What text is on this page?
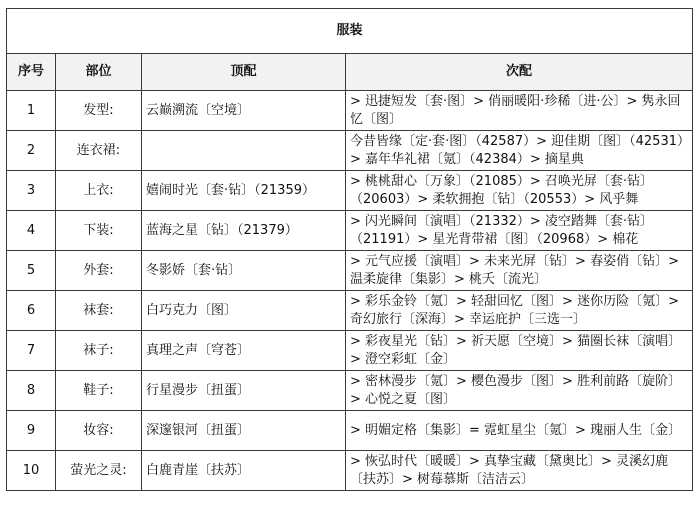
服装			
序号	部位	顶配	次配
1	发型:	云巅溯流〔空境〕	> 迅捷短发〔套·图〕> 俏丽暖阳·珍稀〔进·公〕> 隽永回忆〔图〕
2	连衣裙:		今昔皆缘〔定·套·图〕（42587）> 迎佳期〔图〕（42531）> 嘉年华礼裙〔氪〕（42384）> 摘星典
3	上衣:	嬉闹时光〔套·钻〕（21359）	> 桃桃甜心〔万象〕（21085）> 召唤光屏〔套·钻〕（20603）> 柔软拥抱〔钻〕（20553）> 风乎舞
4	下装:	蓝海之星〔钻〕（21379）	> 闪光瞬间〔演唱〕（21332）> 凌空踏舞〔套·钻〕（21191）> 星光背带裙〔图〕（20968）> 棉花
5	外套:	冬影娇〔套·钻〕	> 元气应援〔演唱〕> 未来光屏〔钻〕> 春姿俏〔钻〕> 温柔旋律〔集影〕> 桃夭〔流光〕
6	袜套:	白巧克力〔图〕	> 彩乐金铃〔氪〕> 轻甜回忆〔图〕> 迷你历险〔氪〕> 奇幻旅行〔深海〕> 幸运庇护〔三选一〕
7	袜子:	真理之声〔穹苍〕	> 彩夜星光〔钻〕> 祈天愿〔空境〕> 猫圈长袜〔演唱〕> 澄空彩虹〔金〕
8	鞋子:	行星漫步〔扭蛋〕	> 密林漫步〔氪〕> 樱色漫步〔图〕> 胜利前路〔旋阶〕> 心悦之夏〔图〕
9	妆容:	深邃银河〔扭蛋〕	> 明媚定格〔集影〕= 霓虹星尘〔氪〕> 瑰丽人生〔金〕
10	萤光之灵:	白鹿青崖〔扶苏〕	> 恢弘时代〔暖暖〕> 真挚宝藏〔黛奥比〕> 灵溪幻鹿〔扶苏〕> 树莓慕斯〔洁洁云〕
